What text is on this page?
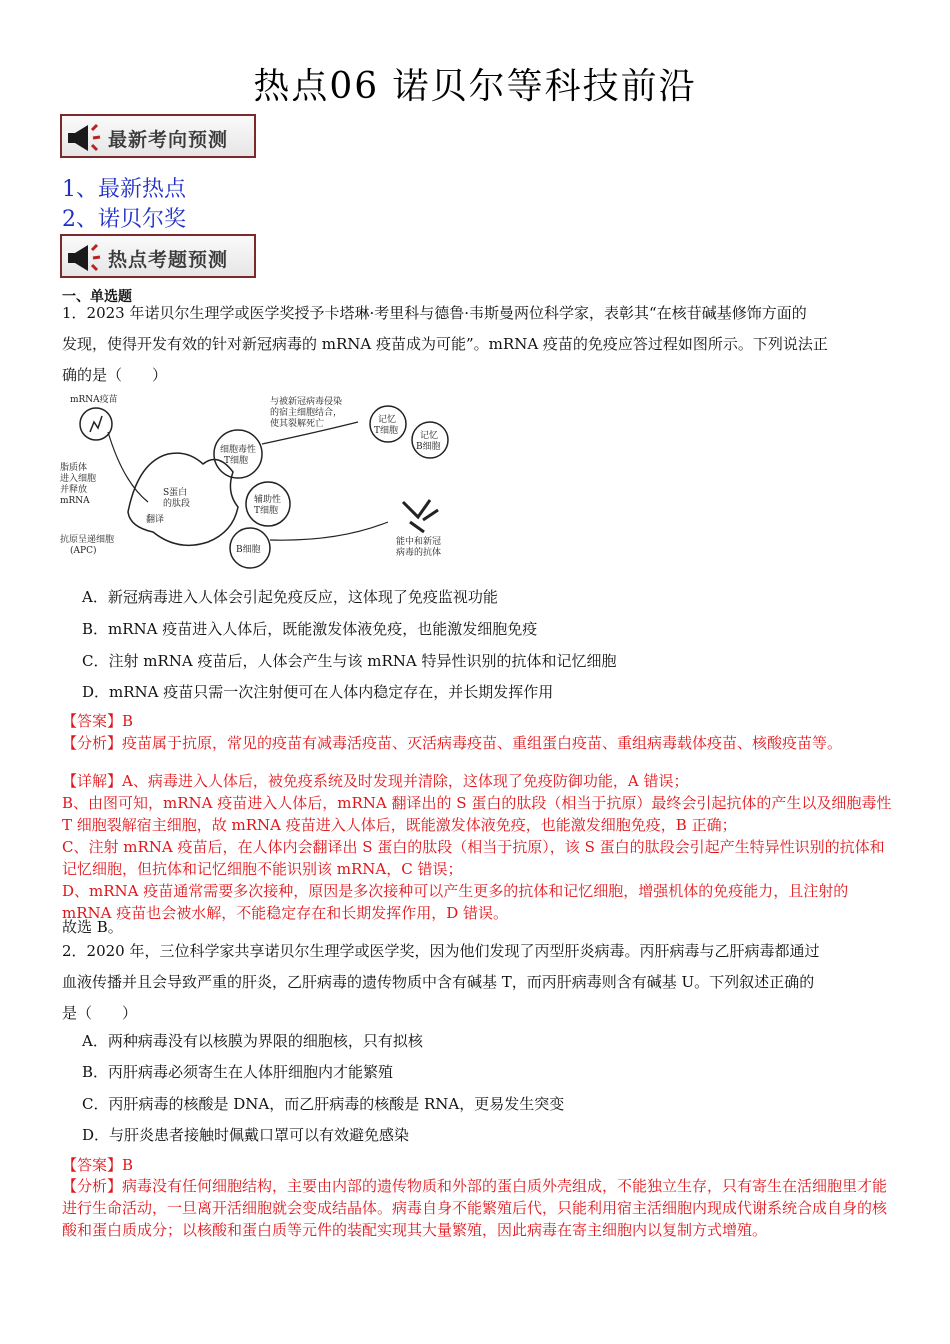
热点06 诺贝尔等科技前沿
最新考向预测
1、最新热点
2、诺贝尔奖
热点考题预测
一、单选题
1．2023 年诺贝尔生理学或医学奖授予卡塔琳·考里科与德鲁·韦斯曼两位科学家，表彰其“在核苷碱基修饰方面的
发现，使得开发有效的针对新冠病毒的 mRNA 疫苗成为可能”。mRNA 疫苗的免疫应答过程如图所示。下列说法正
确的是（　　）
mRNA疫苗
脂质体
进入细胞
并释放
mRNA
抗原呈递细胞
(APC)
S蛋白
的肽段
翻译
细胞毒性
T细胞
辅助性
T细胞
B细胞
与被新冠病毒侵染
的宿主细胞结合，
使其裂解死亡	记忆
T细胞 记忆
B细胞
能中和新冠
病毒的抗体
A．新冠病毒进入人体会引起免疫反应，这体现了免疫监视功能
B．mRNA 疫苗进入人体后，既能激发体液免疫，也能激发细胞免疫
C．注射 mRNA 疫苗后，人体会产生与该 mRNA 特异性识别的抗体和记忆细胞
D．mRNA 疫苗只需一次注射便可在人体内稳定存在，并长期发挥作用
【答案】B
【分析】疫苗属于抗原，常见的疫苗有减毒活疫苗、灭活病毒疫苗、重组蛋白疫苗、重组病毒载体疫苗、核酸疫苗等。
【详解】A、病毒进入人体后，被免疫系统及时发现并清除，这体现了免疫防御功能，A 错误；
B、由图可知，mRNA 疫苗进入人体后，mRNA 翻译出的 S 蛋白的肽段（相当于抗原）最终会引起抗体的产生以及细胞毒性 T 细胞裂解宿主细胞，故 mRNA 疫苗进入人体后，既能激发体液免疫，也能激发细胞免疫，B 正确；
C、注射 mRNA 疫苗后，在人体内会翻译出 S 蛋白的肽段（相当于抗原），该 S 蛋白的肽段会引起产生特异性识别的抗体和记忆细胞，但抗体和记忆细胞不能识别该 mRNA，C 错误；
D、mRNA 疫苗通常需要多次接种，原因是多次接种可以产生更多的抗体和记忆细胞，增强机体的免疫能力，且注射的 mRNA 疫苗也会被水解，不能稳定存在和长期发挥作用，D 错误。
故选 B。
2．2020 年，三位科学家共享诺贝尔生理学或医学奖，因为他们发现了丙型肝炎病毒。丙肝病毒与乙肝病毒都通过
血液传播并且会导致严重的肝炎，乙肝病毒的遗传物质中含有碱基 T，而丙肝病毒则含有碱基 U。下列叙述正确的
是（　　）
A．两种病毒没有以核膜为界限的细胞核，只有拟核
B．丙肝病毒必须寄生在人体肝细胞内才能繁殖
C．丙肝病毒的核酸是 DNA，而乙肝病毒的核酸是 RNA，更易发生突变
D．与肝炎患者接触时佩戴口罩可以有效避免感染
【答案】B
【分析】病毒没有任何细胞结构，主要由内部的遗传物质和外部的蛋白质外壳组成，不能独立生存，只有寄生在活细胞里才能进行生命活动，一旦离开活细胞就会变成结晶体。病毒自身不能繁殖后代，只能利用宿主活细胞内现成代谢系统合成自身的核酸和蛋白质成分；以核酸和蛋白质等元件的装配实现其大量繁殖，因此病毒在寄主细胞内以复制方式增殖。
